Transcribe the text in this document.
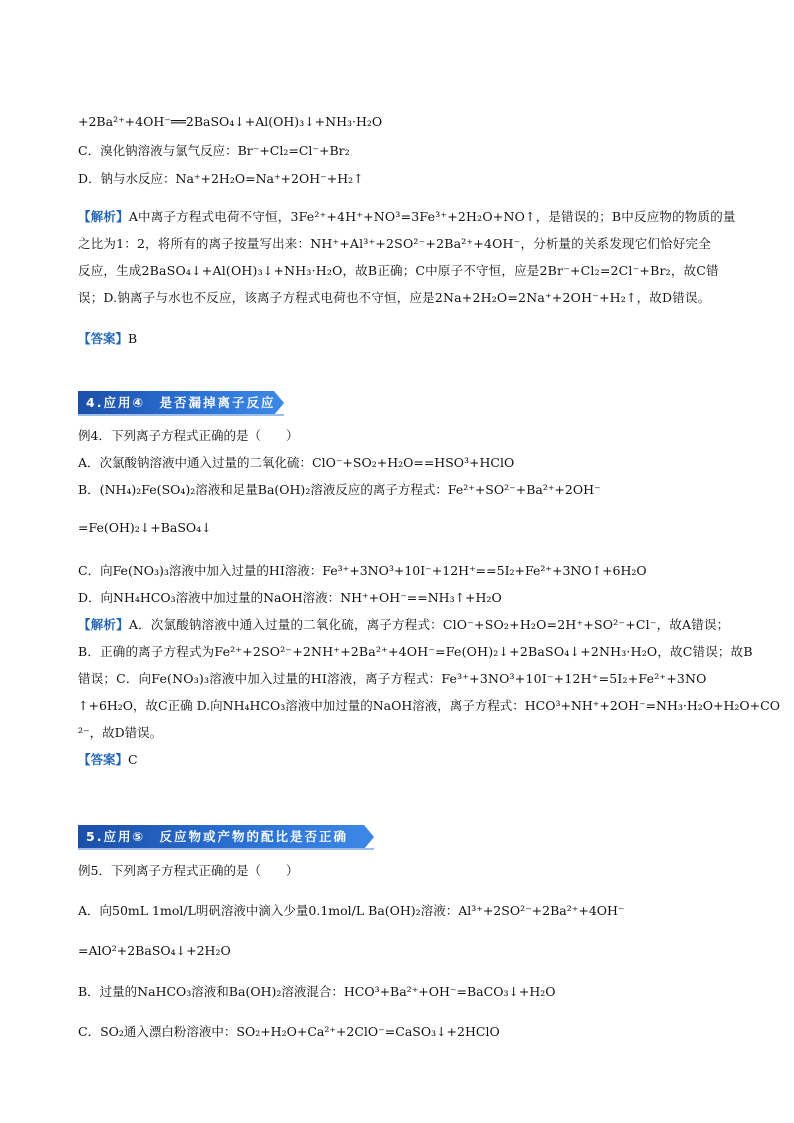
+2Ba²⁺+4OH⁻══2BaSO₄↓+Al(OH)₃↓+NH₃·H₂O
C．溴化钠溶液与氯气反应：Br⁻+Cl₂=Cl⁻+Br₂
D．钠与水反应：Na⁺+2H₂O=Na⁺+2OH⁻+H₂↑
【解析】A中离子方程式电荷不守恒，3Fe²⁺+4H⁺+NO³=3Fe³⁺+2H₂O+NO↑，是错误的；B中反应物的物质的量
之比为1：2，将所有的离子按量写出来：NH⁺+Al³⁺+2SO²⁻+2Ba²⁺+4OH⁻，分析量的关系发现它们恰好完全
反应，生成2BaSO₄↓+Al(OH)₃↓+NH₃·H₂O，故B正确；C中原子不守恒，应是2Br⁻+Cl₂=2Cl⁻+Br₂，故C错
误；D.钠离子与水也不反应，该离子方程式电荷也不守恒，应是2Na+2H₂O=2Na⁺+2OH⁻+H₂↑，故D错误。
【答案】B
4.应用④　是否漏掉离子反应
例4．下列离子方程式正确的是（　　）
A．次氯酸钠溶液中通入过量的二氧化硫：ClO⁻+SO₂+H₂O==HSO³+HClO
B．(NH₄)₂Fe(SO₄)₂溶液和足量Ba(OH)₂溶液反应的离子方程式：Fe²⁺+SO²⁻+Ba²⁺+2OH⁻
=Fe(OH)₂↓+BaSO₄↓
C．向Fe(NO₃)₃溶液中加入过量的HI溶液：Fe³⁺+3NO³+10I⁻+12H⁺==5I₂+Fe²⁺+3NO↑+6H₂O
D．向NH₄HCO₃溶液中加过量的NaOH溶液：NH⁺+OH⁻==NH₃↑+H₂O
【解析】A．次氯酸钠溶液中通入过量的二氧化硫，离子方程式：ClO⁻+SO₂+H₂O=2H⁺+SO²⁻+Cl⁻，故A错误；
B．正确的离子方程式为Fe²⁺+2SO²⁻+2NH⁺+2Ba²⁺+4OH⁻=Fe(OH)₂↓+2BaSO₄↓+2NH₃·H₂O，故C错误；故B
错误；C．向Fe(NO₃)₃溶液中加入过量的HI溶液，离子方程式：Fe³⁺+3NO³+10I⁻+12H⁺=5I₂+Fe²⁺+3NO
↑+6H₂O，故C正确 D.向NH₄HCO₃溶液中加过量的NaOH溶液，离子方程式：HCO³+NH⁺+2OH⁻=NH₃·H₂O+H₂O+CO
²⁻，故D错误。
【答案】C
5.应用⑤　反应物或产物的配比是否正确
例5．下列离子方程式正确的是（　　）
A．向50mL 1mol/L明矾溶液中滴入少量0.1mol/L Ba(OH)₂溶液：Al³⁺+2SO²⁻+2Ba²⁺+4OH⁻
=AlO²+2BaSO₄↓+2H₂O
B．过量的NaHCO₃溶液和Ba(OH)₂溶液混合：HCO³+Ba²⁺+OH⁻=BaCO₃↓+H₂O
C．SO₂通入漂白粉溶液中：SO₂+H₂O+Ca²⁺+2ClO⁻=CaSO₃↓+2HClO
